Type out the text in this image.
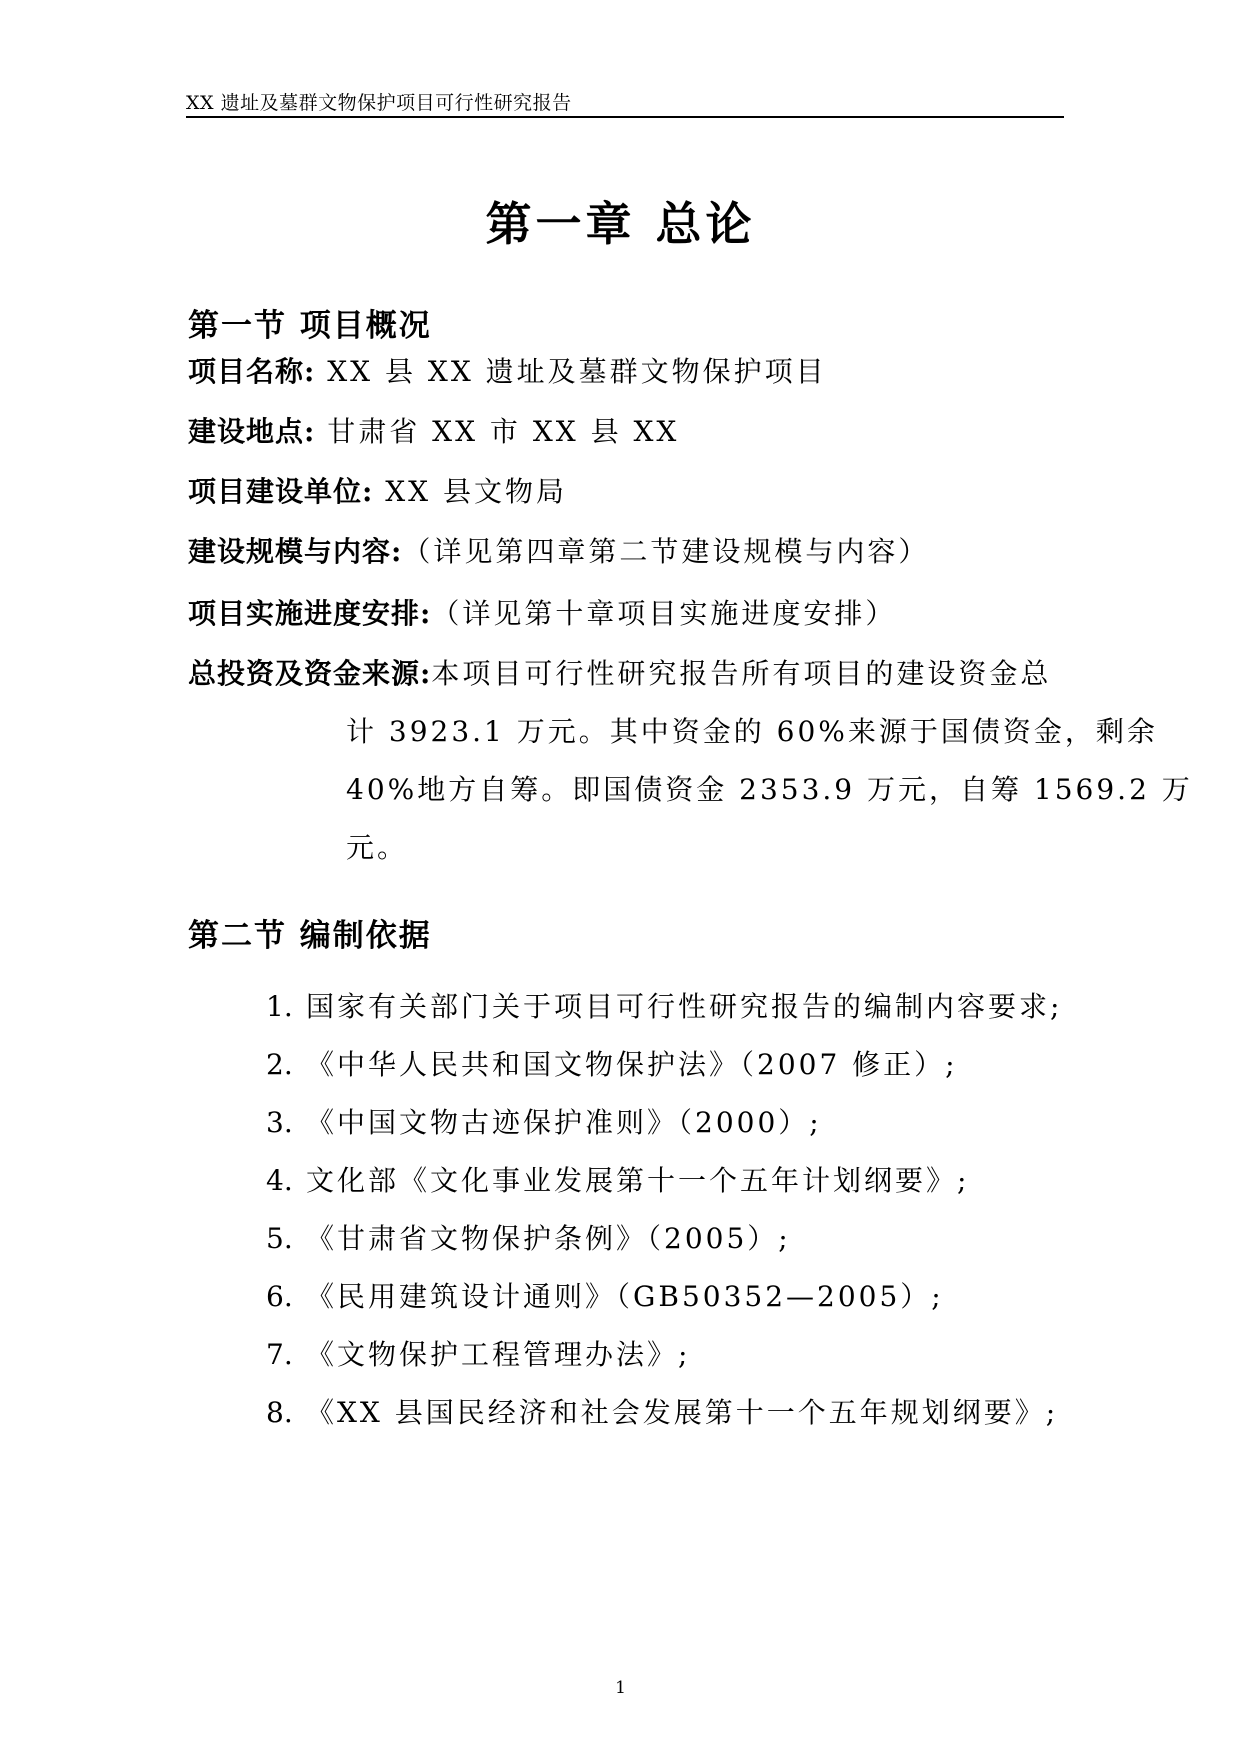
XX 遗址及墓群文物保护项目可行性研究报告
第一章 总论
第一节 项目概况
项目名称: XX 县 XX 遗址及墓群文物保护项目
建设地点: 甘肃省 XX 市 XX 县 XX
项目建设单位: XX 县文物局
建设规模与内容:（详见第四章第二节建设规模与内容）
项目实施进度安排:（详见第十章项目实施进度安排）
总投资及资金来源:本项目可行性研究报告所有项目的建设资金总
计 3923.1 万元。其中资金的 60%来源于国债资金，剩余
40%地方自筹。即国债资金 2353.9 万元，自筹 1569.2 万
元。
第二节 编制依据
1. 国家有关部门关于项目可行性研究报告的编制内容要求;
2. 《中华人民共和国文物保护法》（2007 修正）;
3. 《中国文物古迹保护准则》（2000）;
4. 文化部《文化事业发展第十一个五年计划纲要》;
5. 《甘肃省文物保护条例》（2005）;
6. 《民用建筑设计通则》（GB50352—2005）;
7. 《文物保护工程管理办法》;
8. 《XX 县国民经济和社会发展第十一个五年规划纲要》;
1
